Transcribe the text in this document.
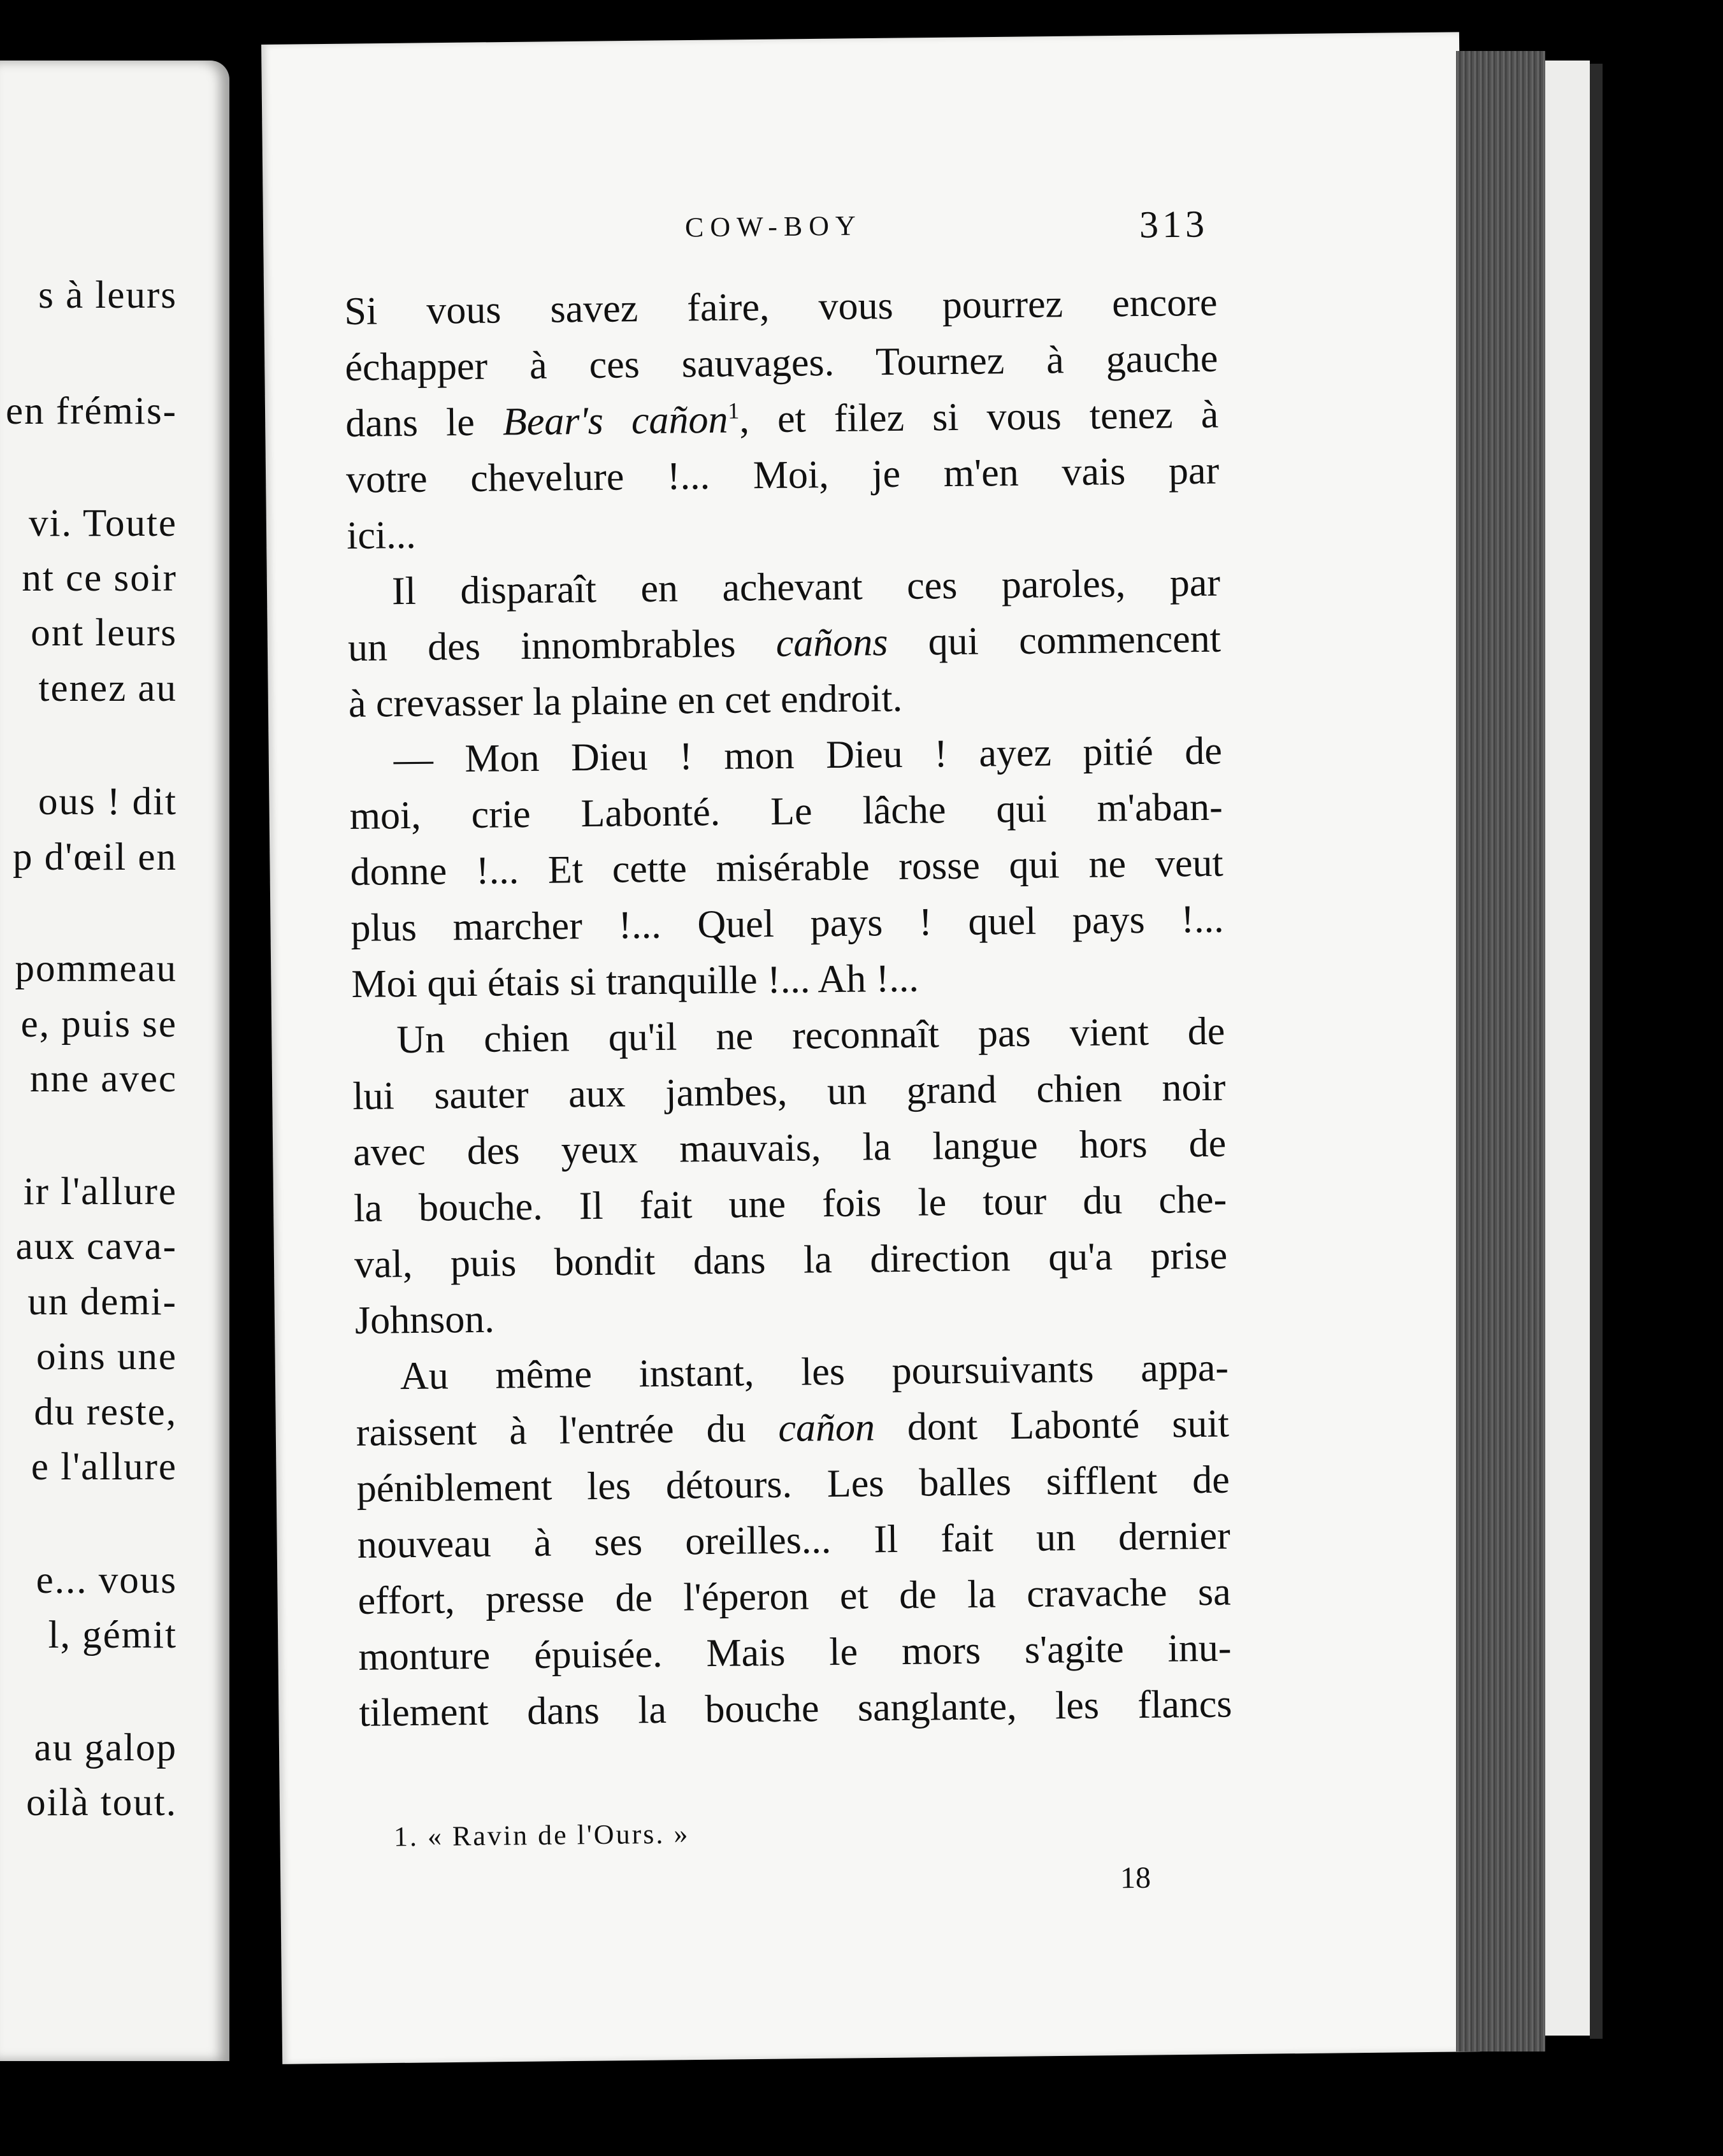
s à leurs
en frémis-
vi. Toute
nt ce soir
ont leurs
tenez au
ous ! dit
p d'œil en
pommeau
e, puis se
nne avec
ir l'allure
aux cava-
un demi-
oins une
du reste,
e l'allure
e... vous
l, gémit
au galop
oilà tout.
COW-BOY	313
Si vous savez faire, vous pourrez encore
échapper à ces sauvages. Tournez à gauche
dans le Bear's cañon$^1$, et filez si vous tenez à
votre chevelure !... Moi, je m'en vais par
ici...
Il disparaît en achevant ces paroles, par
un des innombrables cañons qui commencent
à crevasser la plaine en cet endroit.
— Mon Dieu ! mon Dieu ! ayez pitié de
moi, crie Labonté. Le lâche qui m'aban-
donne !... Et cette misérable rosse qui ne veut
plus marcher !... Quel pays ! quel pays !...
Moi qui étais si tranquille !... Ah !...
Un chien qu'il ne reconnaît pas vient de
lui sauter aux jambes, un grand chien noir
avec des yeux mauvais, la langue hors de
la bouche. Il fait une fois le tour du che-
val, puis bondit dans la direction qu'a prise
Johnson.
Au même instant, les poursuivants appa-
raissent à l'entrée du cañon dont Labonté suit
péniblement les détours. Les balles sifflent de
nouveau à ses oreilles... Il fait un dernier
effort, presse de l'éperon et de la cravache sa
monture épuisée. Mais le mors s'agite inu-
tilement dans la bouche sanglante, les flancs
1. « Ravin de l'Ours. »
18
